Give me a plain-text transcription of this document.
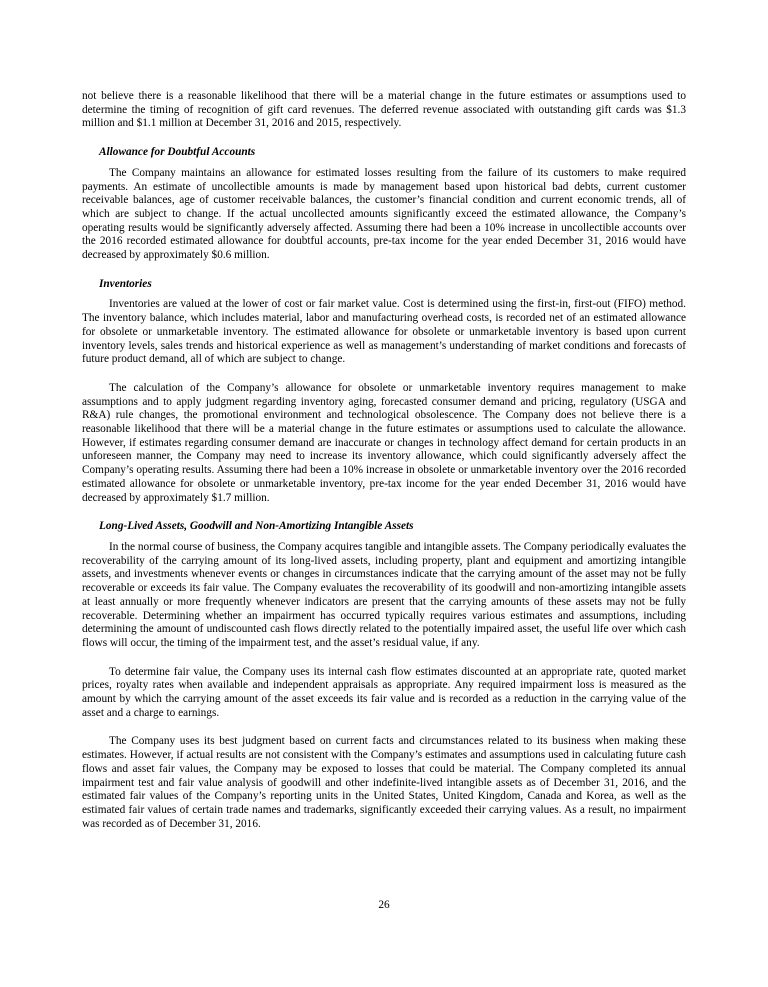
not believe there is a reasonable likelihood that there will be a material change in the future estimates or assumptions used to determine the timing of recognition of gift card revenues. The deferred revenue associated with outstanding gift cards was $1.3 million and $1.1 million at December 31, 2016 and 2015, respectively.

Allowance for Doubtful Accounts

The Company maintains an allowance for estimated losses resulting from the failure of its customers to make required payments. An estimate of uncollectible amounts is made by management based upon historical bad debts, current customer receivable balances, age of customer receivable balances, the customer’s financial condition and current economic trends, all of which are subject to change. If the actual uncollected amounts significantly exceed the estimated allowance, the Company’s operating results would be significantly adversely affected. Assuming there had been a 10% increase in uncollectible accounts over the 2016 recorded estimated allowance for doubtful accounts, pre-tax income for the year ended December 31, 2016 would have decreased by approximately $0.6 million.

Inventories

Inventories are valued at the lower of cost or fair market value. Cost is determined using the first-in, first-out (FIFO) method. The inventory balance, which includes material, labor and manufacturing overhead costs, is recorded net of an estimated allowance for obsolete or unmarketable inventory. The estimated allowance for obsolete or unmarketable inventory is based upon current inventory levels, sales trends and historical experience as well as management’s understanding of market conditions and forecasts of future product demand, all of which are subject to change.

The calculation of the Company’s allowance for obsolete or unmarketable inventory requires management to make assumptions and to apply judgment regarding inventory aging, forecasted consumer demand and pricing, regulatory (USGA and R&A) rule changes, the promotional environment and technological obsolescence. The Company does not believe there is a reasonable likelihood that there will be a material change in the future estimates or assumptions used to calculate the allowance. However, if estimates regarding consumer demand are inaccurate or changes in technology affect demand for certain products in an unforeseen manner, the Company may need to increase its inventory allowance, which could significantly adversely affect the Company’s operating results. Assuming there had been a 10% increase in obsolete or unmarketable inventory over the 2016 recorded estimated allowance for obsolete or unmarketable inventory, pre-tax income for the year ended December 31, 2016 would have decreased by approximately $1.7 million.

Long-Lived Assets, Goodwill and Non-Amortizing Intangible Assets

In the normal course of business, the Company acquires tangible and intangible assets. The Company periodically evaluates the recoverability of the carrying amount of its long-lived assets, including property, plant and equipment and amortizing intangible assets, and investments whenever events or changes in circumstances indicate that the carrying amount of the asset may not be fully recoverable or exceeds its fair value. The Company evaluates the recoverability of its goodwill and non-amortizing intangible assets at least annually or more frequently whenever indicators are present that the carrying amounts of these assets may not be fully recoverable. Determining whether an impairment has occurred typically requires various estimates and assumptions, including determining the amount of undiscounted cash flows directly related to the potentially impaired asset, the useful life over which cash flows will occur, the timing of the impairment test, and the asset’s residual value, if any.

To determine fair value, the Company uses its internal cash flow estimates discounted at an appropriate rate, quoted market prices, royalty rates when available and independent appraisals as appropriate. Any required impairment loss is measured as the amount by which the carrying amount of the asset exceeds its fair value and is recorded as a reduction in the carrying value of the asset and a charge to earnings.

The Company uses its best judgment based on current facts and circumstances related to its business when making these estimates. However, if actual results are not consistent with the Company’s estimates and assumptions used in calculating future cash flows and asset fair values, the Company may be exposed to losses that could be material. The Company completed its annual impairment test and fair value analysis of goodwill and other indefinite-lived intangible assets as of December 31, 2016, and the estimated fair values of the Company’s reporting units in the United States, United Kingdom, Canada and Korea, as well as the estimated fair values of certain trade names and trademarks, significantly exceeded their carrying values. As a result, no impairment was recorded as of December 31, 2016.

26
